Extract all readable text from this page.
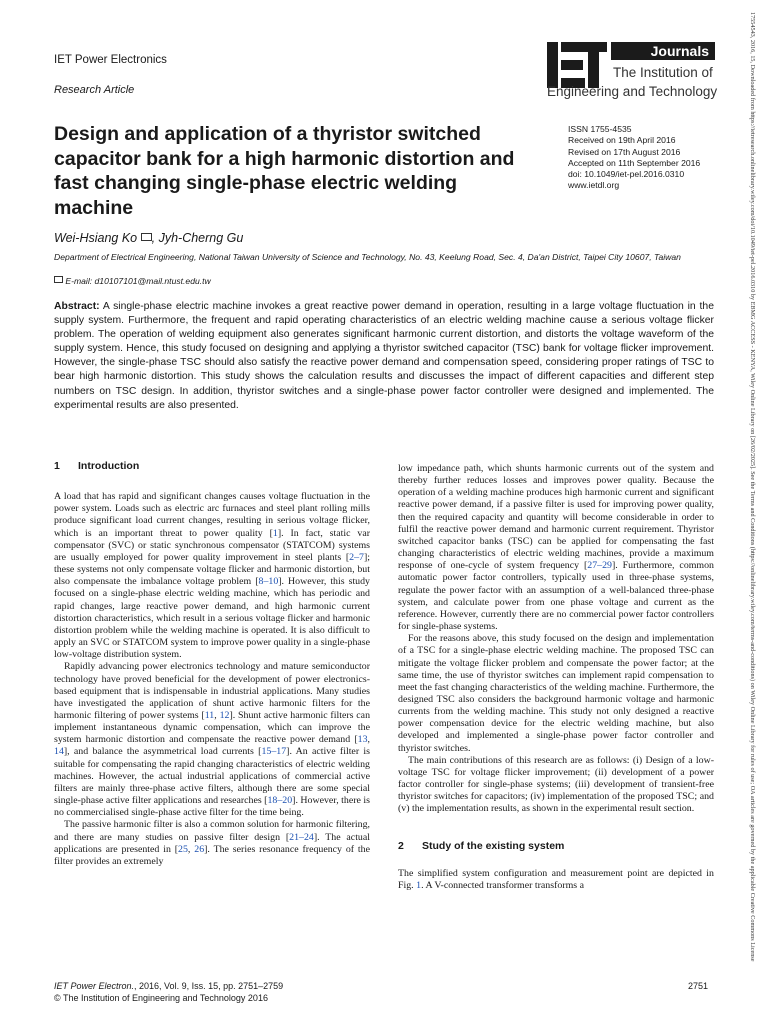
IET Power Electronics
Research Article
Journals
The Institution of
Engineering and Technology
Design and application of a thyristor switched capacitor bank for a high harmonic distortion and fast changing single-phase electric welding machine
ISSN 1755-4535
Received on 19th April 2016
Revised on 17th August 2016
Accepted on 11th September 2016
doi: 10.1049/iet-pel.2016.0310
www.ietdl.org
Wei-Hsiang Ko , Jyh-Cherng Gu
Department of Electrical Engineering, National Taiwan University of Science and Technology, No. 43, Keelung Road, Sec. 4, Da'an District, Taipei City 10607, Taiwan
E-mail: d10107101@mail.ntust.edu.tw
Abstract: A single-phase electric machine invokes a great reactive power demand in operation, resulting in a large voltage fluctuation in the supply system. Furthermore, the frequent and rapid operating characteristics of an electric welding machine cause a serious voltage flicker problem. The operation of welding equipment also generates significant harmonic current distortion, and distorts the voltage waveform of the supply system. Hence, this study focused on designing and applying a thyristor switched capacitor (TSC) bank for voltage flicker improvement. However, the single-phase TSC should also satisfy the reactive power demand and compensation speed, considering proper ratings of TSC to bear high harmonic distortion. This study shows the calculation results and discusses the impact of different capacities and different step numbers on TSC design. In addition, thyristor switches and a single-phase power factor controller were designed and implemented. The experimental results are also presented.
1 Introduction

A load that has rapid and significant changes causes voltage fluctuation in the power system. Loads such as electric arc furnaces and steel plant rolling mills produce significant load current changes, resulting in serious voltage flicker, which is an important threat to power quality [1]. In fact, static var compensator (SVC) or static synchronous compensator (STATCOM) systems are usually employed for power quality improvement in steel plants [2–7]; these systems not only compensate voltage flicker and harmonic distortion, but also compensate the imbalance voltage problem [8–10]. However, this study focused on a single-phase electric welding machine, which has periodic and rapid changes, large reactive power demand, and high harmonic current distortion characteristics, which result in a serious voltage flicker and harmonic distortion problem while the welding machine is operated. It is also difficult to apply an SVC or STATCOM system to improve power quality in a single-phase low-voltage distribution system.

Rapidly advancing power electronics technology and mature semiconductor technology have proved beneficial for the development of power electronics-based equipment that is indispensable in industrial applications. Many studies have investigated the application of shunt active harmonic filters for the harmonic filtering of power systems [11, 12]. Shunt active harmonic filters can implement instantaneous dynamic compensation, which can improve the system harmonic distortion and compensate the reactive power demand [13, 14], and balance the asymmetrical load currents [15–17]. An active filter is suitable for compensating the rapid changing characteristics of electric welding machines. However, the actual industrial applications of commercial active filters are mainly three-phase active filters, although there are some special single-phase active filter applications and researches [18–20]. However, there is no commercialised single-phase active filter for the time being.

The passive harmonic filter is also a common solution for harmonic filtering, and there are many studies on passive filter design [21–24]. The actual applications are presented in [25, 26]. The series resonance frequency of the filter provides an extremely

low impedance path, which shunts harmonic currents out of the system and thereby further reduces losses and improves power quality. Because the operation of a welding machine produces high harmonic current and significant reactive power demand, if a passive filter is used for improving power quality, then the required capacity and quantity will become considerable in order to fulfil the reactive power demand and harmonic current requirement. Thyristor switched capacitor banks (TSC) can be applied for compensating the fast changing characteristics of electric welding machines, provide a maximum response of one-cycle of system frequency [27–29]. Furthermore, common automatic power factor controllers, typically used in three-phase systems, regulate the power factor with an assumption of a well-balanced three-phase system, and calculate power from one phase voltage and current as the reference. However, currently there are no commercial power factor controllers for single-phase systems.

For the reasons above, this study focused on the design and implementation of a TSC for a single-phase electric welding machine. The proposed TSC can mitigate the voltage flicker problem and compensate the power factor; at the same time, the use of thyristor switches can implement rapid compensation to meet the fast changing characteristics of the welding machine. Furthermore, the designed TSC also considers the background harmonic voltage and harmonic currents from the welding machine. This study not only designed a reactive power compensation device for the electric welding machine, but also developed and implemented a single-phase power factor controller and thyristor switches.

The main contributions of this research are as follows: (i) Design of a low-voltage TSC for voltage flicker improvement; (ii) development of a power factor controller for single-phase systems; (iii) development of transient-free thyristor switches for capacitors; (iv) implementation of the proposed TSC; and (v) the implementation results, as shown in the experimental result section.

2 Study of the existing system

The simplified system configuration and measurement point are depicted in Fig. 1. A V-connected transformer transforms a

IET Power Electron., 2016, Vol. 9, Iss. 15, pp. 2751–2759
© The Institution of Engineering and Technology 2016
2751
17554543, 2016, 15, Downloaded from https://ietresearch.onlinelibrary.wiley.com/doi/10.1049/iet-pel.2016.0310 by EBMG ACCESS - KENYA, Wiley Online Library on [26/02/2025]. See the Terms and Conditions (https://onlinelibrary.wiley.com/terms-and-conditions) on Wiley Online Library for rules of use; OA articles are governed by the applicable Creative Commons License
